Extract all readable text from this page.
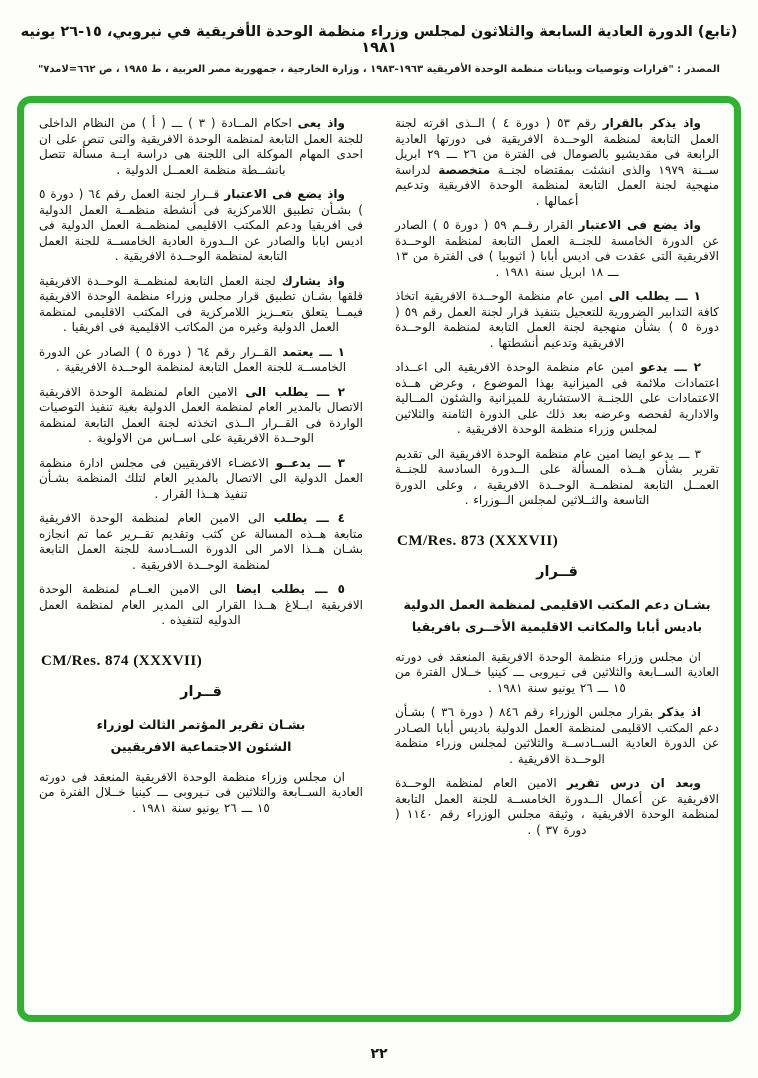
(تابع) الدورة العادية السابعة والثلاثون لمجلس وزراء منظمة الوحدة الأفريقية في نيروبي، ١٥-٢٦ يونيه ١٩٨١
المصدر : "قرارات وتوصيات وبيانات منظمة الوحدة الأفريقية ١٩٦٣-١٩٨٣ ، وزارة الخارجية ، جمهورية مصر العربية ، ط ١٩٨٥ ، ص ٦٦٢=لامد٧"

واذ يذكر بالقرار رقم ٥٣ ( دورة ٤ ) الــذى اقرته لجنة العمل التابعة لمنظمة الوحــدة الافريقية فى دورتها العادية الرابعة فى مقديشيو بالصومال فى الفترة من ٢٦ ـــ ٢٩ ابريل ســنة ١٩٧٩ والذى انشئت بمقتضاه لجنــة متخصصة لدراسة منهجية لجنة العمل التابعة لمنظمة الوحدة الافريقية وتدعيم أعمالها .

واذ يضع فى الاعتبار القرار رقــم ٥٩ ( دورة ٥ ) الصادر عن الدورة الخامسة للجنــة العمل التابعة لمنظمة الوحــدة الافريقية التى عقدت فى اديس أبابا ( اثيوبيا ) فى الفترة من ١٣ ـــ ١٨ ابريل سنة ١٩٨١ .

١ ـــ يطلب الى امين عام منظمة الوحــدة الافريقية اتخاذ كافة التدابير الضرورية للتعجيل بتنفيذ قرار لجنة العمل رقم ٥٩ ( دورة ٥ ) بشأن منهجية لجنة العمل التابعة لمنظمة الوحــدة الافريقية وتدعيم أنشطتها .

٢ ـــ يدعو امين عام منظمة الوحدة الافريقية الى اعــداد اعتمادات ملائمة فى الميزانية بهذا الموضوع ، وعرض هــذه الاعتمادات على اللجنــة الاستشارية للميزانية والشئون المــالية والادارية لفحصه وعرضه بعد ذلك على الدورة الثامنة والثلاثين لمجلس وزراء منظمة الوحدة الافريقية .

٣ ـــ يدعو ايضا امين عام منظمة الوحدة الافريقية الى تقديم تقرير بشأن هــذه المسألة على الــدورة السادسة للجنــة العمــل التابعة لمنظمــة الوحــدة الافريقية ، وعلى الدورة التاسعة والثــلاثين لمجلس الــوزراء .

CM/Res. 873 (XXXVII)

قــرار

بشـان دعم المكتب الاقليمى لمنظمة العمل الدولية
باديس أبابا والمكاتب الاقليمية الأخــرى بافريقيا

ان مجلس وزراء منظمة الوحدة الافريقية المنعقد فى دورته العادية الســابعة والثلاثين فى نـيروبى ـــ كينيا خــلال الفترة من ١٥ ـــ ٢٦ يونيو سنة ١٩٨١ .

اذ يذكر بقرار مجلس الوزراء رقم ٨٤٦ ( دورة ٣٦ ) بشـأن دعم المكتب الاقليمى لمنظمة العمل الدولية باديس أبابا الصـادر عن الدورة العادية الســادســة والثلاثين لمجلس وزراء منظمة الوحــدة الافريقية .

وبعد ان درس تقرير الامين العام لمنظمة الوحــدة الافريقية عن أعمال الــدورة الخامســة للجنة العمل التابعة لمنظمة الوحدة الافريقية ، وثيقة مجلس الوزراء رقم ١١٤٠ ( دورة ٣٧ ) .

واذ يعى احكام المــادة ( ٣ ) ـــ ( أ ) من النظام الداخلى للجنة العمل التابعة لمنظمة الوحدة الافريقية والتى تنص على ان احدى المهام الموكلة الى اللجنة هى دراسة ايــة مسألة تتصل بانشــطة منظمة العمــل الدولية .

واذ يضع فى الاعتبار قــرار لجنة العمل رقم ٦٤ ( دورة ٥ ) بشـأن تطبيق اللامركزية فى أنشطة منظمــة العمل الدولية فى افريقيا ودعم المكتب الاقليمى لمنظمــة العمل الدولية فى اديس ابابا والصادر عن الــدورة العادية الخامســة للجنة العمل التابعة لمنظمة الوحــدة الافريقية .

واذ يشارك لجنة العمل التابعة لمنظمــة الوحــدة الافريقية قلقها بشـان تطبيق قرار مجلس وزراء منظمة الوحدة الافريقية فيمــا يتعلق بتعــزيز اللامركزية فى المكتب الاقليمى لمنظمة العمل الدولية وغيره من المكاتب الاقليمية فى افريقيا .

١ ـــ يعتمد القــرار رقم ٦٤ ( دورة ٥ ) الصادر عن الدورة الخامســة للجنة العمل التابعة لمنظمة الوحــدة الافريقية .

٢ ـــ يطلب الى الامين العام لمنظمة الوحدة الافريقية الاتصال بالمدير العام لمنظمة العمل الدولية بغية تنفيذ التوصيات الواردة فى القــرار الــذى اتخذته لجنة العمل التابعة لمنظمة الوحــدة الافريقية على اســاس من الاولوية .

٣ ـــ يدعــو الاعضـاء الافريقيين فى مجلس ادارة منظمة العمل الدولية الى الاتصال بالمدير العام لتلك المنظمة بشـأن تنفيذ هــذا القرار .

٤ ـــ يطلب الى الامين العام لمنظمة الوحدة الافريقية متابعة هــذه المسالة عن كثب وتقديم تقــرير عما تم انجازه بشـان هــذا الامر الى الدورة الســادسة للجنة العمل التابعة لمنظمة الوحــدة الافريقية .

٥ ـــ يطلب ايضا الى الامين العــام لمنظمة الوحدة الافريقية ابــلاغ هــذا القرار الى المدير العام لمنظمة العمل الدوليه لتنفيذه .

CM/Res. 874 (XXXVII)

قــرار

بشـان تقرير المؤتمر الثالث لوزراء
الشئون الاجتماعية الافريقيين

ان مجلس وزراء منظمة الوحدة الافريقية المنعقد فى دورته العادية الســابعة والثلاثين فى نـيروبى ـــ كينيا خــلال الفترة من ١٥ ـــ ٢٦ يونيو سنة ١٩٨١ .

٢٢
